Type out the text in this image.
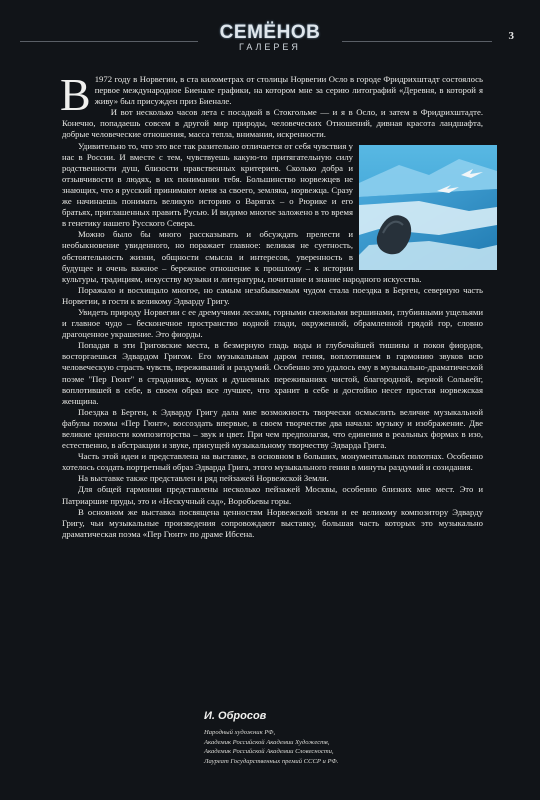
СЕМЁНОВ
ГАЛЕРЕЯ
3
В 1972 году в Норвегии, в ста километрах от столицы Норвегии Осло в городе Фридрихштадт состоялось первое международное Биенале графики, на котором мне за серию литографий «Деревня, в которой я живу» был присужден приз Биенале.

И вот несколько часов лета с посадкой в Стокгольме — и я в Осло, и затем в Фридрихштадте. Конечно, попадаешь совсем в другой мир природы, человеческих Отношений, дивная красота ландшафта, добрые человеческие отношения, масса тепла, внимания, искренности.

Удивительно то, что это все так разительно отличается от себя чувствия у нас в России. И вместе с тем, чувствуешь какую-то притягательную силу родственности душ, близости нравственных критериев. Сколько добра и отзывчивости в людях, в их понимании тебя. Большинство норвежцев не знающих, что я русский принимают меня за своего, земляка, норвежца. Сразу же начинаешь понимать великую историю о Варягах – о Рюрике и его братьях, приглашенных править Русью. И видимо многое заложено в то время в генетику нашего Русского Севера.

Можно было бы много рассказывать и обсуждать прелести и необыкновение увиденного, но поражает главное: великая не суетность, обстоятельность жизни, общности смысла и интересов, уверенность в будущее и очень важное – бережное отношение к прошлому – к истории культуры, традициям, искусству музыки и литературы, почитание и знание народного искусства.

Поражало и восхищало многое, но самым незабываемым чудом стала поездка в Берген, северную часть Норвегии, в гости к великому Эдварду Григу.

Увидеть природу Норвегии с ее дремучими лесами, горными снежными вершинами, глубинными ущельями и главное чудо – бесконечное пространство водной глади, окруженной, обрамленной грядой гор, словно драгоценное украшение. Это фиорды.

Попадая в эти Григовские места, в безмерную гладь воды и глубочайшей тишины и покоя фиордов, восторгаешься Эдвардом Григом. Его музыкальным даром гения, воплотившем в гармонию звуков всю человеческую страсть чувств, переживаний и раздумий. Особенно это удалось ему в музыкально-драматической поэме "Пер Гюнт" в страданиях, муках и душевных переживаниях чистой, благородной, верной Сольвейг, воплотившей в себе, в своем образ все лучшее, что хранит в себе и достойно несет простая норвежская женщина.

Поездка в Берген, к Эдварду Григу дала мне возможность творчески осмыслить величие музыкальной фабулы поэмы «Пер Гюнт», воссоздать впервые, в своем творчестве два начала: музыку и изображение. Две великие ценности композиторства – звук и цвет. При чем предполагая, что единения в реальных формах в изо, естественно, в абстракции и звуке, присущей музыкальному творчеству Эдварда Грига.

Часть этой идеи и представлена на выставке, в основном в больших, монументальных полотнах. Особенно хотелось создать портретный образ Эдварда Грига, этого музыкального гения в минуты раздумий и созидания.

На выставке также представлен и ряд пейзажей Норвежской Земли.

Для общей гармонии представлены несколько пейзажей Москвы, особенно близких мне мест. Это и Патриаршие пруды, это и «Нескучный сад», Воробьевы горы.

В основном же выставка посвящена ценностям Норвежской земли и ее великому композитору Эдварду Григу, чьи музыкальные произведения сопровождают выставку, большая часть которых это музыкально драматическая поэма «Пер Гюнт» по драме Ибсена.

И. Обросов

Народный художник РФ,

Академик Российской Академии Художеств,

Академик Российской Академии Словесности,

Лауреат Государственных премий СССР и РФ.
